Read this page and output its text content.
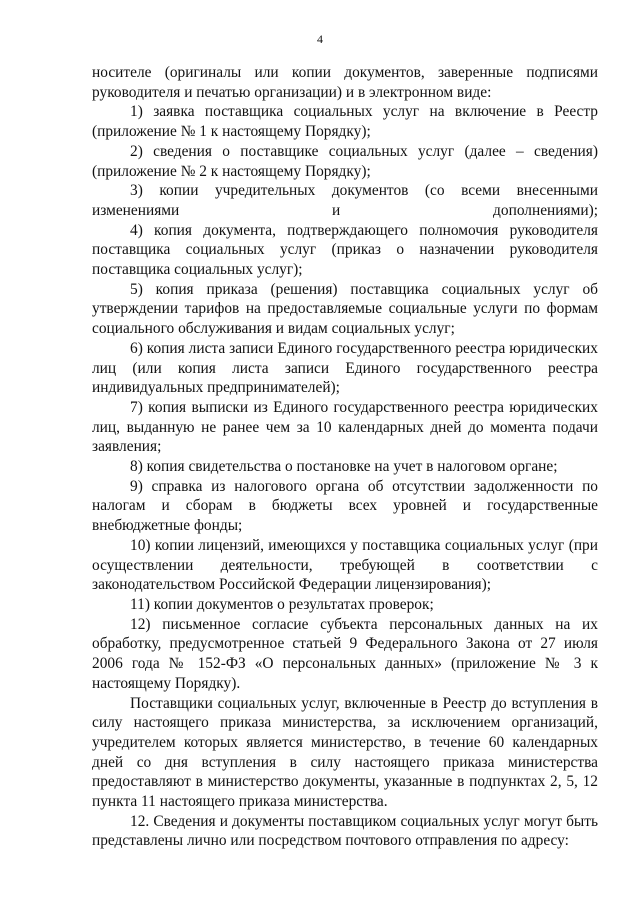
4

носителе (оригиналы или копии документов, заверенные подписями руководителя и печатью организации) и в электронном виде:

1) заявка поставщика социальных услуг на включение в Реестр (приложение № 1 к настоящему Порядку);

2) сведения о поставщике социальных услуг (далее – сведения) (приложение № 2 к настоящему Порядку);

3) копии учредительных документов (со всеми внесенными изменениями и дополнениями);

4) копия документа, подтверждающего полномочия руководителя поставщика социальных услуг (приказ о назначении руководителя поставщика социальных услуг);

5) копия приказа (решения) поставщика социальных услуг об утверждении тарифов на предоставляемые социальные услуги по формам социального обслуживания и видам социальных услуг;

6) копия листа записи Единого государственного реестра юридических лиц (или копия листа записи Единого государственного реестра индивидуальных предпринимателей);

7) копия выписки из Единого государственного реестра юридических лиц, выданную не ранее чем за 10 календарных дней до момента подачи заявления;

8) копия свидетельства о постановке на учет в налоговом органе;

9) справка из налогового органа об отсутствии задолженности по налогам и сборам в бюджеты всех уровней и государственные внебюджетные фонды;

10) копии лицензий, имеющихся у поставщика социальных услуг (при осуществлении деятельности, требующей в соответствии с законодательством Российской Федерации лицензирования);

11) копии документов о результатах проверок;

12) письменное согласие субъекта персональных данных на их обработку, предусмотренное статьей 9 Федерального Закона от 27 июля 2006 года № 152-ФЗ «О персональных данных» (приложение № 3 к настоящему Порядку).

Поставщики социальных услуг, включенные в Реестр до вступления в силу настоящего приказа министерства, за исключением организаций, учредителем которых является министерство, в течение 60 календарных дней со дня вступления в силу настоящего приказа министерства предоставляют в министерство документы, указанные в подпунктах 2, 5, 12 пункта 11 настоящего приказа министерства.

12. Сведения и документы поставщиком социальных услуг могут быть представлены лично или посредством почтового отправления по адресу:
